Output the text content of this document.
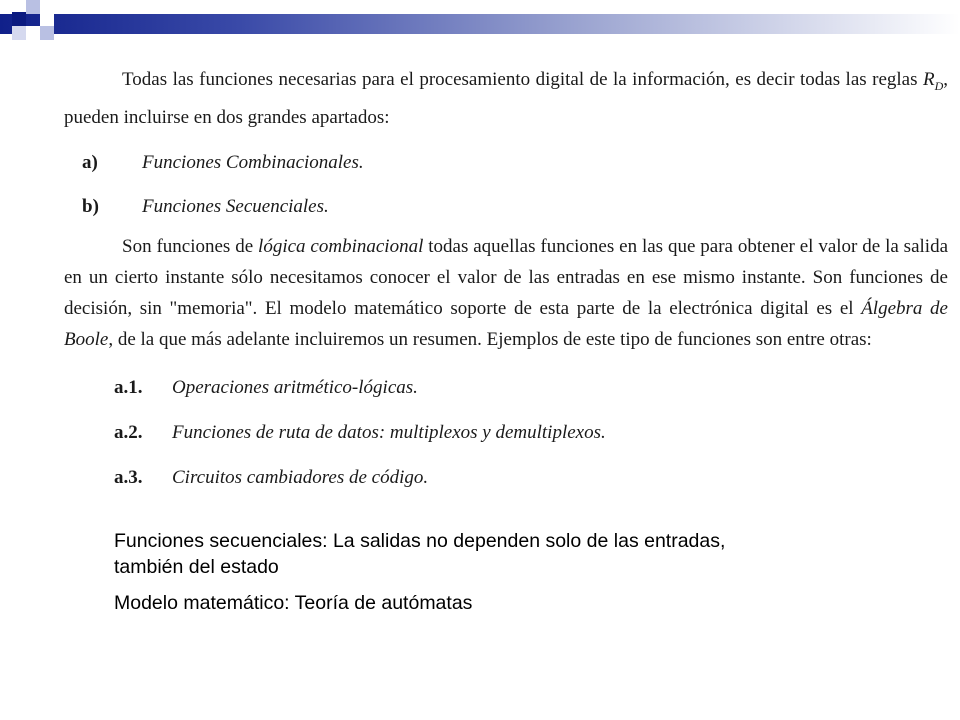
Todas las funciones necesarias para el procesamiento digital de la información, es decir todas las reglas $R_D$, pueden incluirse en dos grandes apartados:

a)	Funciones Combinacionales.
b)	Funciones Secuenciales.

Son funciones de lógica combinacional todas aquellas funciones en las que para obtener el valor de la salida en un cierto instante sólo necesitamos conocer el valor de las entradas en ese mismo instante. Son funciones de decisión, sin "memoria". El modelo matemático soporte de esta parte de la electrónica digital es el Álgebra de Boole, de la que más adelante incluiremos un resumen. Ejemplos de este tipo de funciones son entre otras:

a.1.	Operaciones aritmético-lógicas.
a.2.	Funciones de ruta de datos: multiplexos y demultiplexos.
a.3.	Circuitos cambiadores de código.

Funciones secuenciales: La salidas no dependen solo de las entradas, también del estado

Modelo matemático: Teoría de autómatas
